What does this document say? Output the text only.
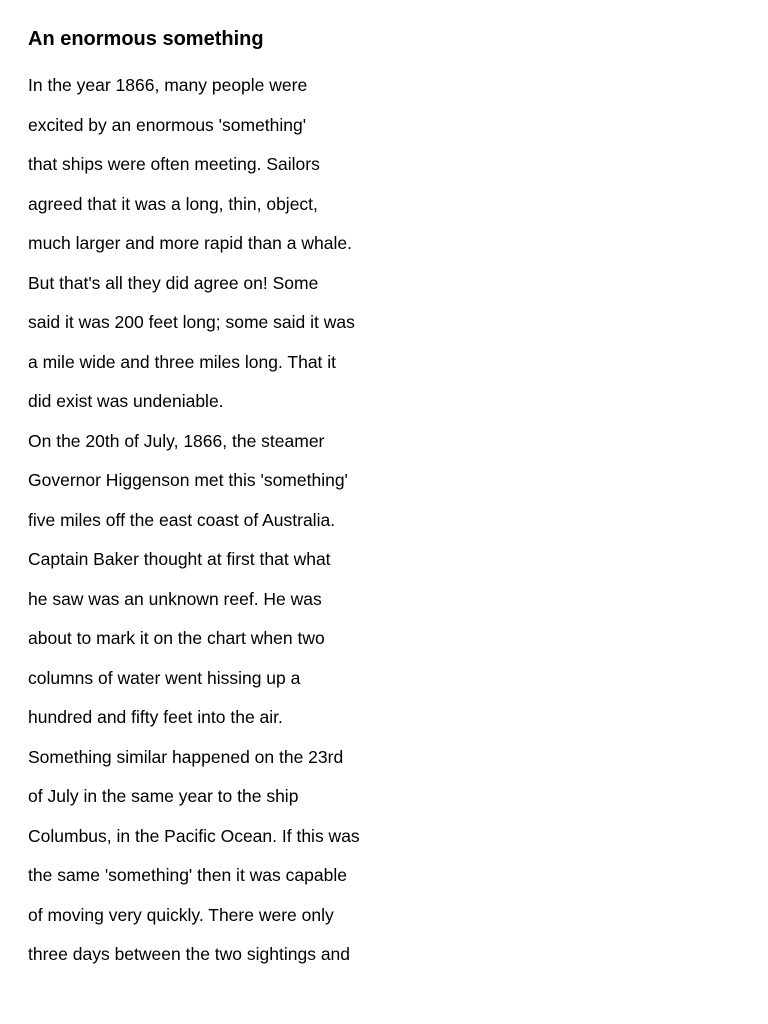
An enormous something
In the year 1866, many people were
excited by an enormous 'something'
that ships were often meeting. Sailors
agreed that it was a long, thin, object,
much larger and more rapid than a whale.
But that's all they did agree on! Some
said it was 200 feet long; some said it was
a mile wide and three miles long. That it
did exist was undeniable.
On the 20th of July, 1866, the steamer
Governor Higgenson met this 'something'
five miles off the east coast of Australia.
Captain Baker thought at first that what
he saw was an unknown reef. He was
about to mark it on the chart when two
columns of water went hissing up a
hundred and fifty feet into the air.
Something similar happened on the 23rd
of July in the same year to the ship
Columbus, in the Pacific Ocean. If this was
the same 'something' then it was capable
of moving very quickly. There were only
three days between the two sightings and
